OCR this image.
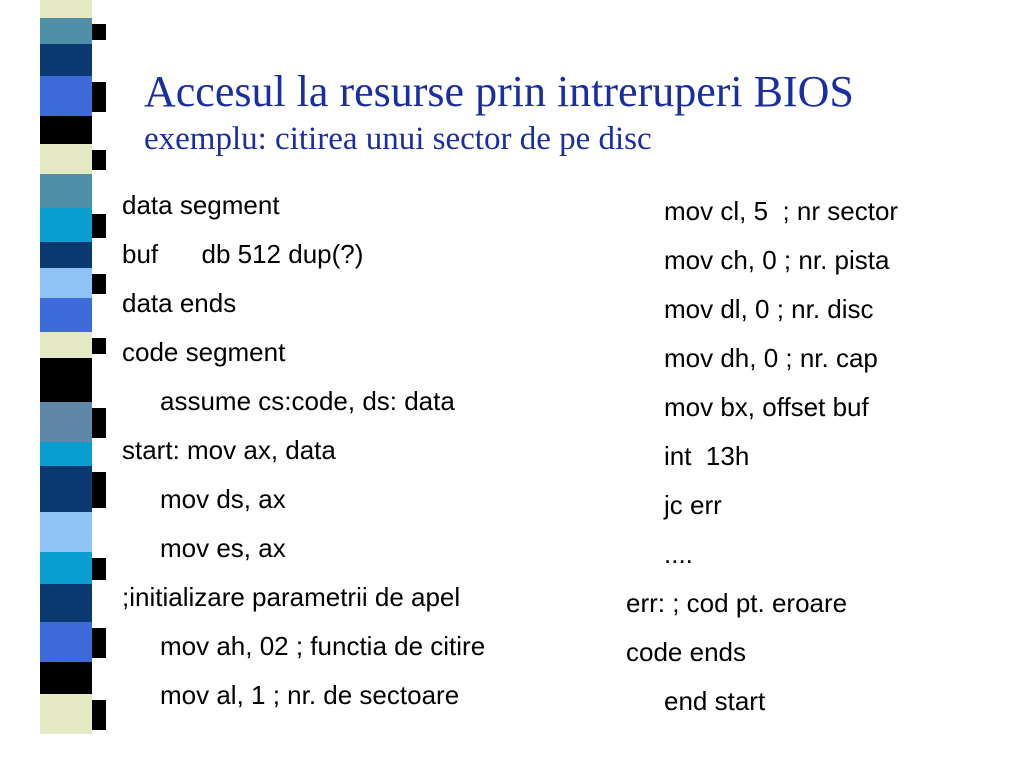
Accesul la resurse prin intreruperi BIOS
exemplu: citirea unui sector de pe disc
data segment
buf      db 512 dup(?)
data ends
code segment
assume cs:code, ds: data
start: mov ax, data
mov ds, ax
mov es, ax
;initializare parametrii de apel
mov ah, 02 ; functia de citire
mov al, 1 ; nr. de sectoare
mov cl, 5  ; nr sector
mov ch, 0 ; nr. pista
mov dl, 0 ; nr. disc
mov dh, 0 ; nr. cap
mov bx, offset buf
int  13h
jc err
....
err: ; cod pt. eroare
code ends
end start
